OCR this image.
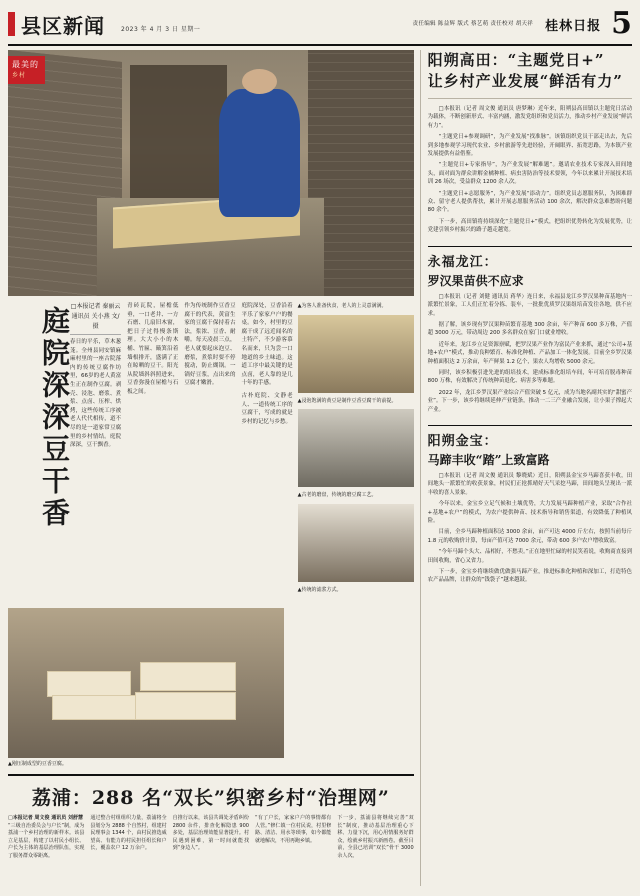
县区新闻	2023 年 4 月 3 日 星期一
责任编辑 陈益辉 版式 蔡艺萌 责任校对 胡天祥 桂林日报 5
最美的
乡村
庭院深深豆干香 □本报记者 秦丽云 通讯员 关小燕 文/摄
春日的平乐，草木葱茏。全州县同安镇麻麻村里的一座古院落内的传统豆腐作坊里，66岁的老人黄富生正在制作豆腐。剥壳、浸泡、磨浆、煮浆、点卤、压榨、烘烤，这些传统工序被老人代代相传，道不尽的是一道家常豆腐里的乡村情结。庭院深深，豆干飘香。
青砖瓦院，屋檐低垂，一口老井、一方石磨、几扇旧木窗，把日子过得慢条斯理。大大小小的木桶、竹匾、簸箕沿着墙根排开，盛满了正在晾晒的豆干。阳光从院墙斜斜照进来，豆香弥漫在屋檐与石板之间。
作为传统制作豆香豆腐干的代表，黄富生家的豆腐干保持着古法，浆浓、豆香、耐嚼。每天凌晨三点，老人就要起床泡豆、磨浆，煮浆时要不停搅动，防止煳锅。一锅好豆浆，点出来的豆腐才嫩滑。
庭院深处，豆香沿着平乐了家家户户的餐桌。如今，村里的豆腐干成了远近闻名的土特产，不少游客慕名而来，只为尝一口地道的乡土味道。这道工序中最关键的是点卤，老人靠的是几十年的手感。
古朴庭院、文静老人、一道传统工序的豆腐干，写成的就是乡村的记忆与乡愁。
▲为客人准备伙食，老人的上灵意满满。
▲浸泡饱满的黄豆是制作豆香豆腐干的前提。
▲古老的磨盘，传统的磨豆腐工艺。
▲传统的滤浆方式。
▲刚压制成型的豆香豆腐。
荔浦：288 名“双长”织密乡村“治理网”
□本报记者 周文俊 通讯员 刘舒慧
“三级自治委员会与户长”制，成为荔浦一个乡村治理的新样本。该县立足基层，构建了以村民小组长、户长为主体的基层治理队伍，实现了服务群众零距离。
通过整合村组组织力量，荔浦将全县划分为 2888 个自然村，组建村民理事会 1344 个，由村民推选威望高、有能力的村民担任组长和户长，覆盖农户 12 万余户。
自推行以来，该县共调处矛盾纠纷 2800 余件，排查化解隐患 900 多处，基层治理效能显著提升。村民遇到困难，第一时间就能找到“身边人”。
“有了户长，家家户户的事情都有人管。”修仁镇一位村民说，村里修路、清洁、用水等琐事，如今都能就地解决，不用再跑乡镇。
下一步，荔浦县将继续完善“双长”制度，推动基层治理重心下移、力量下沉，用心用情服务好群众，绘就乡村振兴新画卷。截至目前，全县已培训“双长”骨干 3000 余人次。
阳朔高田：“主题党日+”
让乡村产业发展“鲜活有力”

□本报讯（记者 周文俊 通讯员 唐梦琳）近年来，阳朔县高田镇以主题党日活动为载体，不断创新形式、丰富内涵，激发党组织和党员活力，推动乡村产业发展“鲜活有力”。

“主题党日+参观调研”，为产业发展“找准脉”。该镇组织党员干部走出去，先后到多地参观学习现代农业、乡村旅游等先进经验，开阔眼界、拓宽思路，为本镇产业发展提供有益借鉴。

“主题党日+专家指导”，为产业发展“解难题”。邀请农业技术专家深入田间地头，面对面为群众讲解金橘种植、病虫害防治等技术要领，今年以来累计开展技术培训 26 场次，受益群众 1200 余人次。

“主题党日+志愿服务”，为产业发展“添动力”。组织党员志愿服务队，为困难群众、留守老人提供帮扶，累计开展志愿服务活动 100 余次，解决群众急难愁盼问题 80 余个。

下一步，高田镇将持续深化“主题党日+”模式，把组织优势转化为发展优势，让党建引领乡村振兴的路子越走越宽。

永福龙江：
罗汉果苗供不应求

□本报讯（记者 刘健 通讯员 蒋华）连日来，永福县龙江乡罗汉果种苗基地内一派繁忙景象，工人们正忙着分拣、装车，一批批优质罗汉果组培苗发往各地，供不应求。

据了解，该乡现有罗汉果种苗繁育基地 300 余亩，年产种苗 600 多万株，产值超 3000 万元，带动周边 200 多名群众在家门口就业增收。

近年来，龙江乡立足资源禀赋，把罗汉果产业作为富民产业来抓，通过“公司+基地+农户”模式，推动良种繁育、标准化种植、产品加工一体化发展。目前全乡罗汉果种植面积达 2 万余亩，年产鲜果 1.2 亿个，果农人均增收 5000 余元。

同时，该乡积极引进先进的组培技术，建成标准化组培车间，年可培育脱毒种苗 800 万株，有效解决了传统种苗退化、病害多等难题。

2022 年，龙江乡罗汉果产业综合产值突破 5 亿元，成为当地名副其实的“甜蜜产业”。下一步，该乡将继续延伸产业链条，推动一二三产业融合发展，让小果子撑起大产业。

阳朔金宝：
马蹄丰收“踏”上致富路

□本报讯（记者 周文俊 通讯员 黎晓斌）近日，阳朔县金宝乡马蹄喜获丰收，田间地头一派繁忙的收获景象，村民们正抢抓晴好天气采挖马蹄，田间地头呈现出一派丰收的喜人景象。

今年以来，金宝乡立足气候和土壤优势，大力发展马蹄种植产业，采取“合作社+基地+农户”的模式，为农户提供种苗、技术指导和销售渠道，有效降低了种植风险。

目前，全乡马蹄种植面积达 3000 余亩，亩产可达 4000 斤左右，按照当前每斤 1.8 元的收购价计算，每亩产值可达 7000 余元，带动 600 多户农户增收致富。

“今年马蹄个头大、品相好，不愁卖。”正在地里忙碌的村民笑着说，收购商直接到田间收购，省心又省力。

下一步，金宝乡将继续做优做强马蹄产业，推进标准化种植和深加工，打造特色农产品品牌，让群众的“钱袋子”越来越鼓。
